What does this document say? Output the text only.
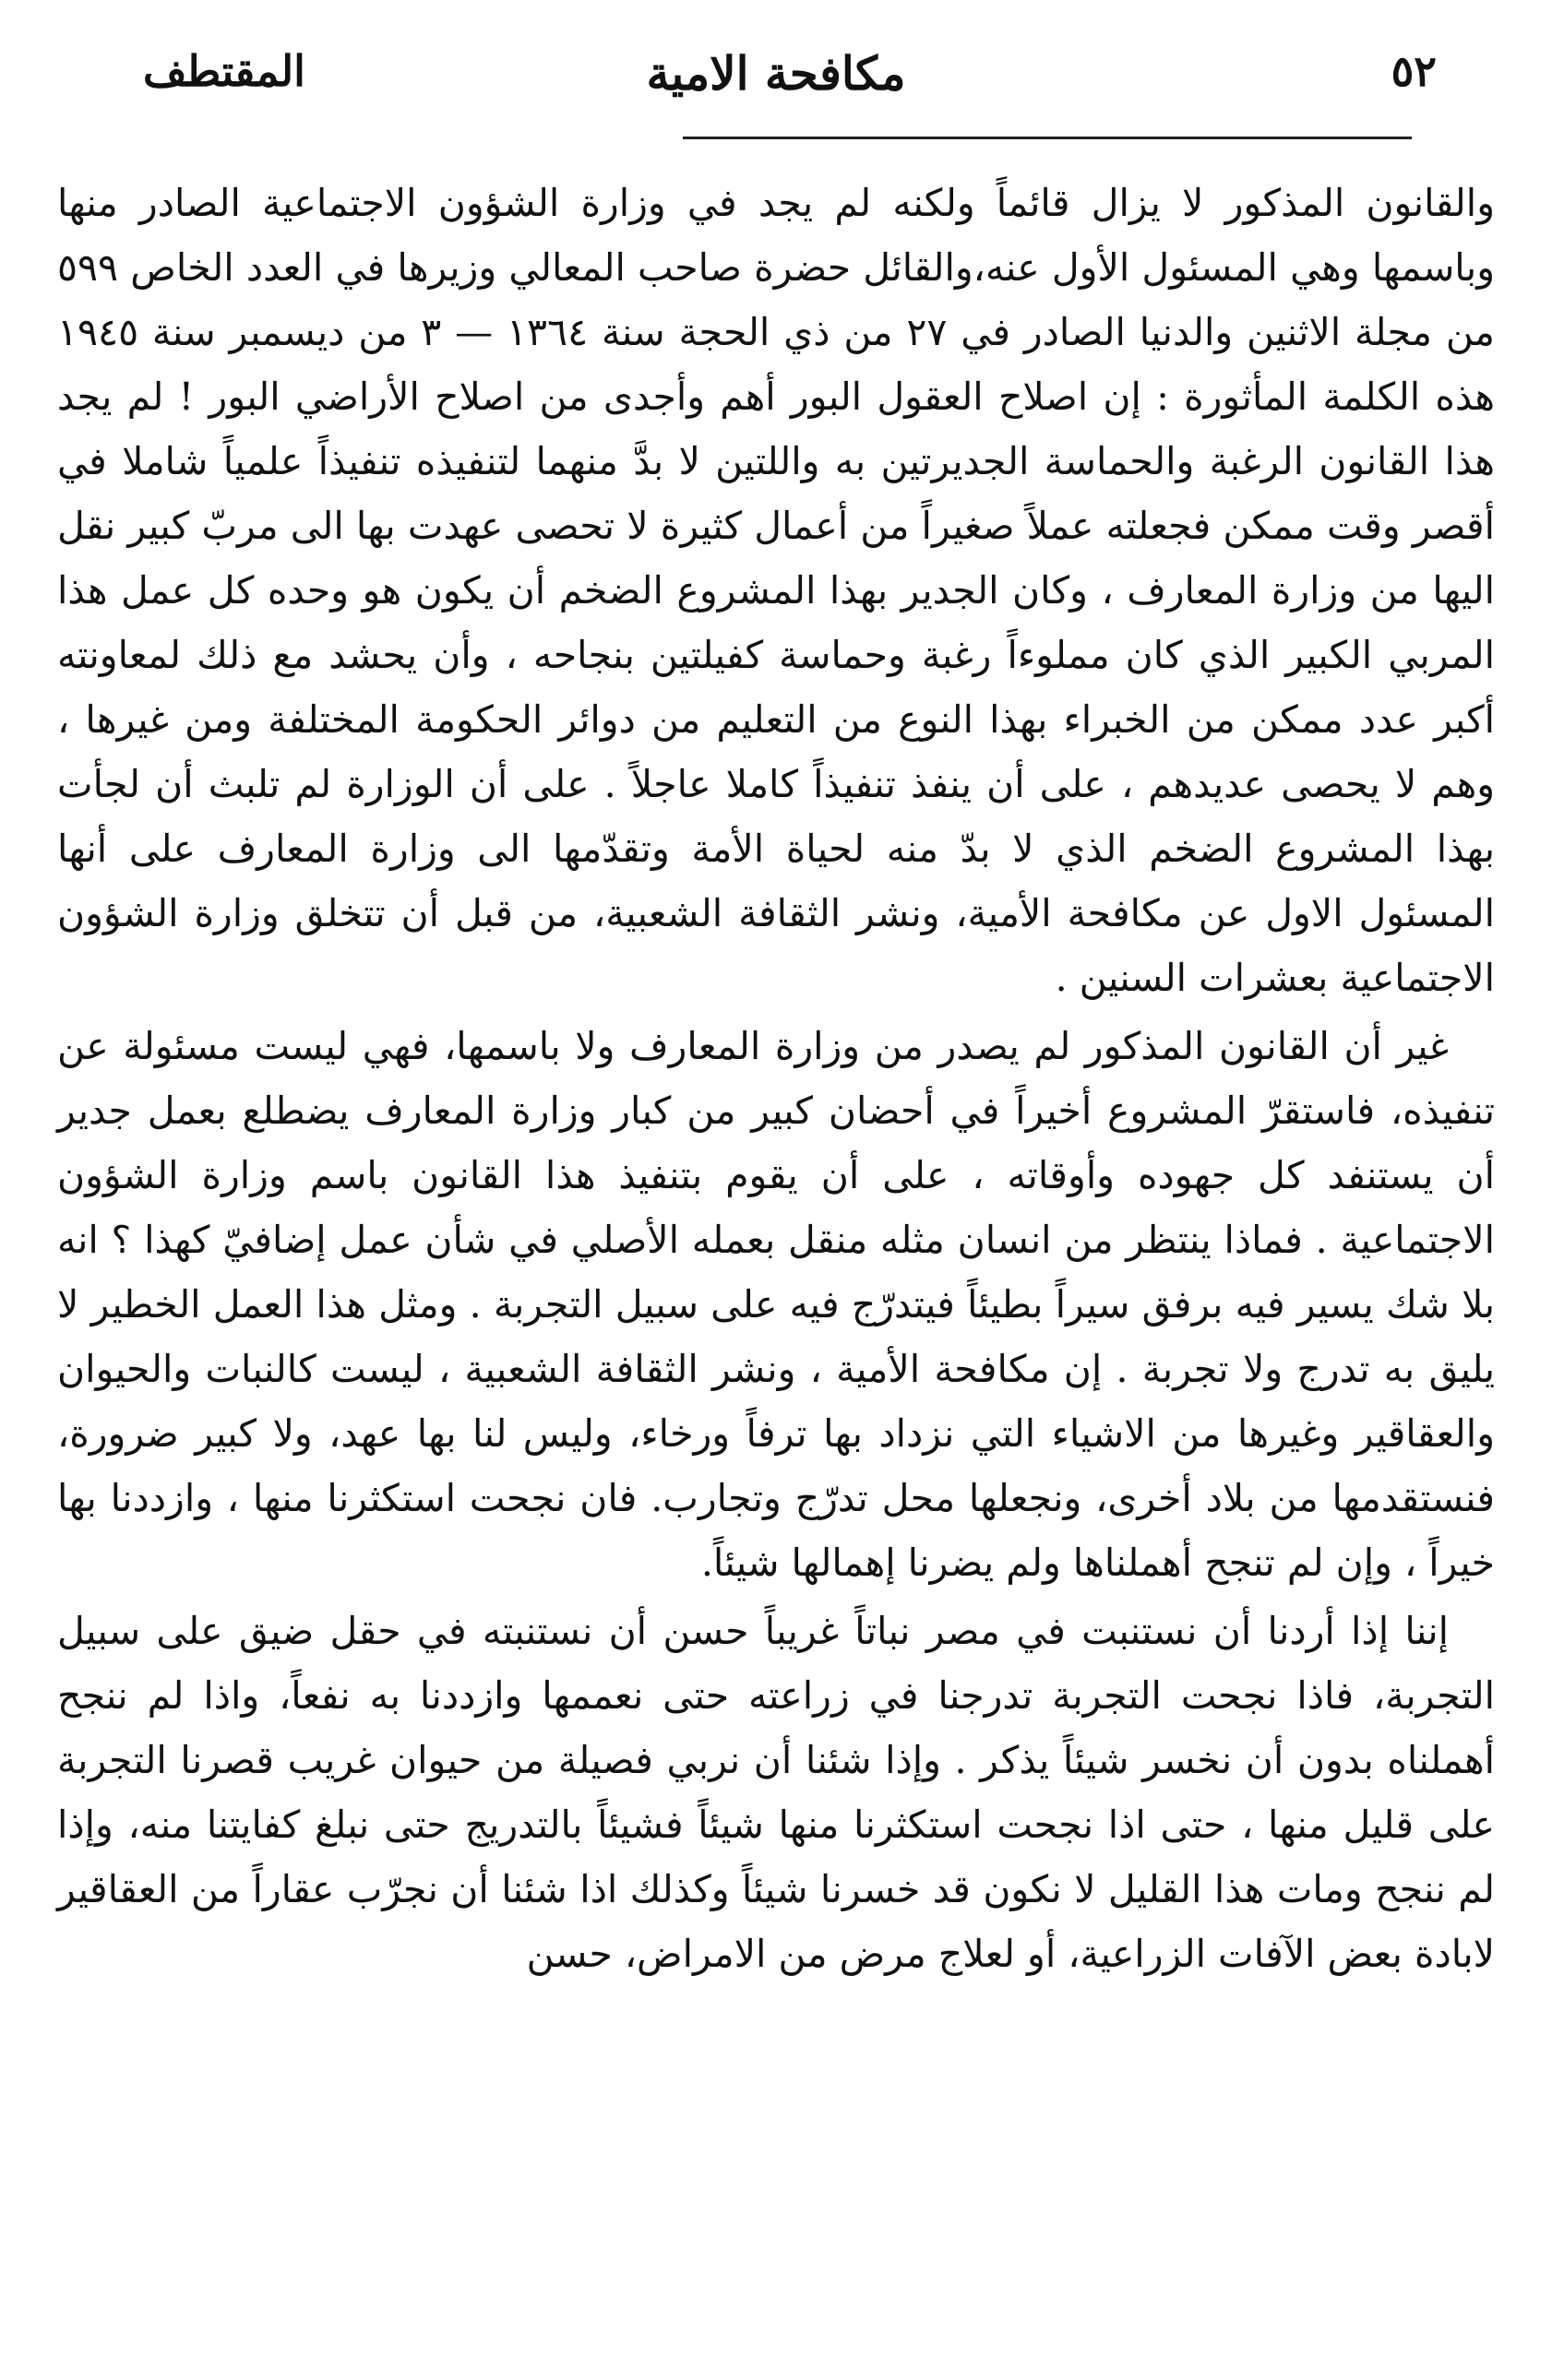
المقتطف	مكافحة الامية	٥٢

والقانون المذكور لا يزال قائماً ولكنه لم يجد في وزارة الشؤون الاجتماعية الصادر منها وباسمها وهي المسئول الأول عنه،والقائل حضرة صاحب المعالي وزيرها في العدد الخاص ٥٩٩ من مجلة الاثنين والدنيا الصادر في ٢٧ من ذي الحجة سنة ١٣٦٤ — ٣ من ديسمبر سنة ١٩٤٥ هذه الكلمة المأثورة : إن اصلاح العقول البور أهم وأجدى من اصلاح الأراضي البور ! لم يجد هذا القانون الرغبة والحماسة الجديرتين به واللتين لا بدَّ منهما لتنفيذه تنفيذاً علمياً شاملا في أقصر وقت ممكن فجعلته عملاً صغيراً من أعمال كثيرة لا تحصى عهدت بها الى مربّ كبير نقل اليها من وزارة المعارف ، وكان الجدير بهذا المشروع الضخم أن يكون هو وحده كل عمل هذا المربي الكبير الذي كان مملوءاً رغبة وحماسة كفيلتين بنجاحه ، وأن يحشد مع ذلك لمعاونته أكبر عدد ممكن من الخبراء بهذا النوع من التعليم من دوائر الحكومة المختلفة ومن غيرها ، وهم لا يحصى عديدهم ، على أن ينفذ تنفيذاً كاملا عاجلاً . على أن الوزارة لم تلبث أن لجأت بهذا المشروع الضخم الذي لا بدّ منه لحياة الأمة وتقدّمها الى وزارة المعارف على أنها المسئول الاول عن مكافحة الأمية، ونشر الثقافة الشعبية، من قبل أن تتخلق وزارة الشؤون الاجتماعية بعشرات السنين .

غير أن القانون المذكور لم يصدر من وزارة المعارف ولا باسمها، فهي ليست مسئولة عن تنفيذه، فاستقرّ المشروع أخيراً في أحضان كبير من كبار وزارة المعارف يضطلع بعمل جدير أن يستنفد كل جهوده وأوقاته ، على أن يقوم بتنفيذ هذا القانون باسم وزارة الشؤون الاجتماعية . فماذا ينتظر من انسان مثله منقل بعمله الأصلي في شأن عمل إضافيّ كهذا ؟ انه بلا شك يسير فيه برفق سيراً بطيئاً فيتدرّج فيه على سبيل التجربة . ومثل هذا العمل الخطير لا يليق به تدرج ولا تجربة . إن مكافحة الأمية ، ونشر الثقافة الشعبية ، ليست كالنبات والحيوان والعقاقير وغيرها من الاشياء التي نزداد بها ترفاً ورخاء، وليس لنا بها عهد، ولا كبير ضرورة، فنستقدمها من بلاد أخرى، ونجعلها محل تدرّج وتجارب. فان نجحت استكثرنا منها ، وازددنا بها خيراً ، وإن لم تنجح أهملناها ولم يضرنا إهمالها شيئاً.

إننا إذا أردنا أن نستنبت في مصر نباتاً غريباً حسن أن نستنبته في حقل ضيق على سبيل التجربة، فاذا نجحت التجربة تدرجنا في زراعته حتى نعممها وازددنا به نفعاً، واذا لم ننجح أهملناه بدون أن نخسر شيئاً يذكر . وإذا شئنا أن نربي فصيلة من حيوان غريب قصرنا التجربة على قليل منها ، حتى اذا نجحت استكثرنا منها شيئاً فشيئاً بالتدريج حتى نبلغ كفايتنا منه، وإذا لم ننجح ومات هذا القليل لا نكون قد خسرنا شيئاً وكذلك اذا شئنا أن نجرّب عقاراً من العقاقير لابادة بعض الآفات الزراعية، أو لعلاج مرض من الامراض، حسن
